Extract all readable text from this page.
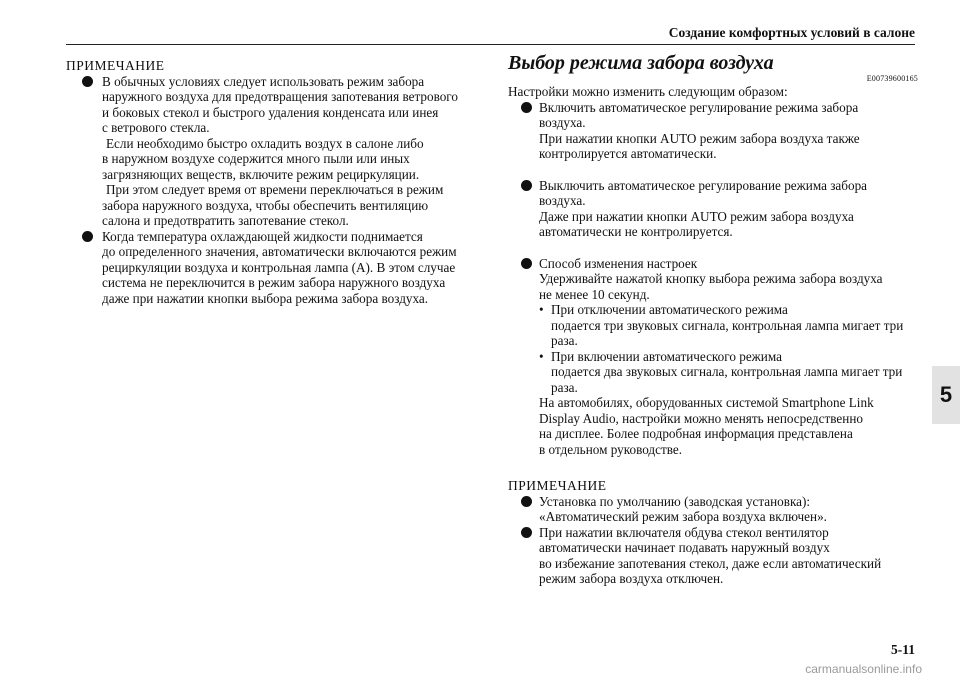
Создание комфортных условий в салоне

ПРИМЕЧАНИЕ

В обычных условиях следует использовать режим забора

наружного воздуха для предотвращения запотевания ветрового

и боковых стекол и быстрого удаления конденсата или инея

с ветрового стекла.

Если необходимо быстро охладить воздух в салоне либо

в наружном воздухе содержится много пыли или иных

загрязняющих веществ, включите режим рециркуляции.

При этом следует время от времени переключаться в режим

забора наружного воздуха, чтобы обеспечить вентиляцию

салона и предотвратить запотевание стекол.

Когда температура охлаждающей жидкости поднимается

до определенного значения, автоматически включаются режим

рециркуляции воздуха и контрольная лампа (A). В этом случае

система не переключится в режим забора наружного воздуха

даже при нажатии кнопки выбора режима забора воздуха.

Выбор режима забора воздуха

E00739600165

Настройки можно изменить следующим образом:

Включить автоматическое регулирование режима забора

воздуха.

При нажатии кнопки AUTO режим забора воздуха также

контролируется автоматически.

Выключить автоматическое регулирование режима забора

воздуха.

Даже при нажатии кнопки AUTO режим забора воздуха

автоматически не контролируется.

Способ изменения настроек

Удерживайте нажатой кнопку выбора режима забора воздуха

не менее 10 секунд.

• При отключении автоматического режима

подается три звуковых сигнала, контрольная лампа мигает три

раза.

• При включении автоматического режима

подается два звуковых сигнала, контрольная лампа мигает три

раза.

На автомобилях, оборудованных системой Smartphone Link

Display Audio, настройки можно менять непосредственно

на дисплее. Более подробная информация представлена

в отдельном руководстве.

ПРИМЕЧАНИЕ

Установка по умолчанию (заводская установка):

«Автоматический режим забора воздуха включен».

При нажатии включателя обдува стекол вентилятор

автоматически начинает подавать наружный воздух

во избежание запотевания стекол, даже если автоматический

режим забора воздуха отключен.

5
5-11
carmanualsonline.info
